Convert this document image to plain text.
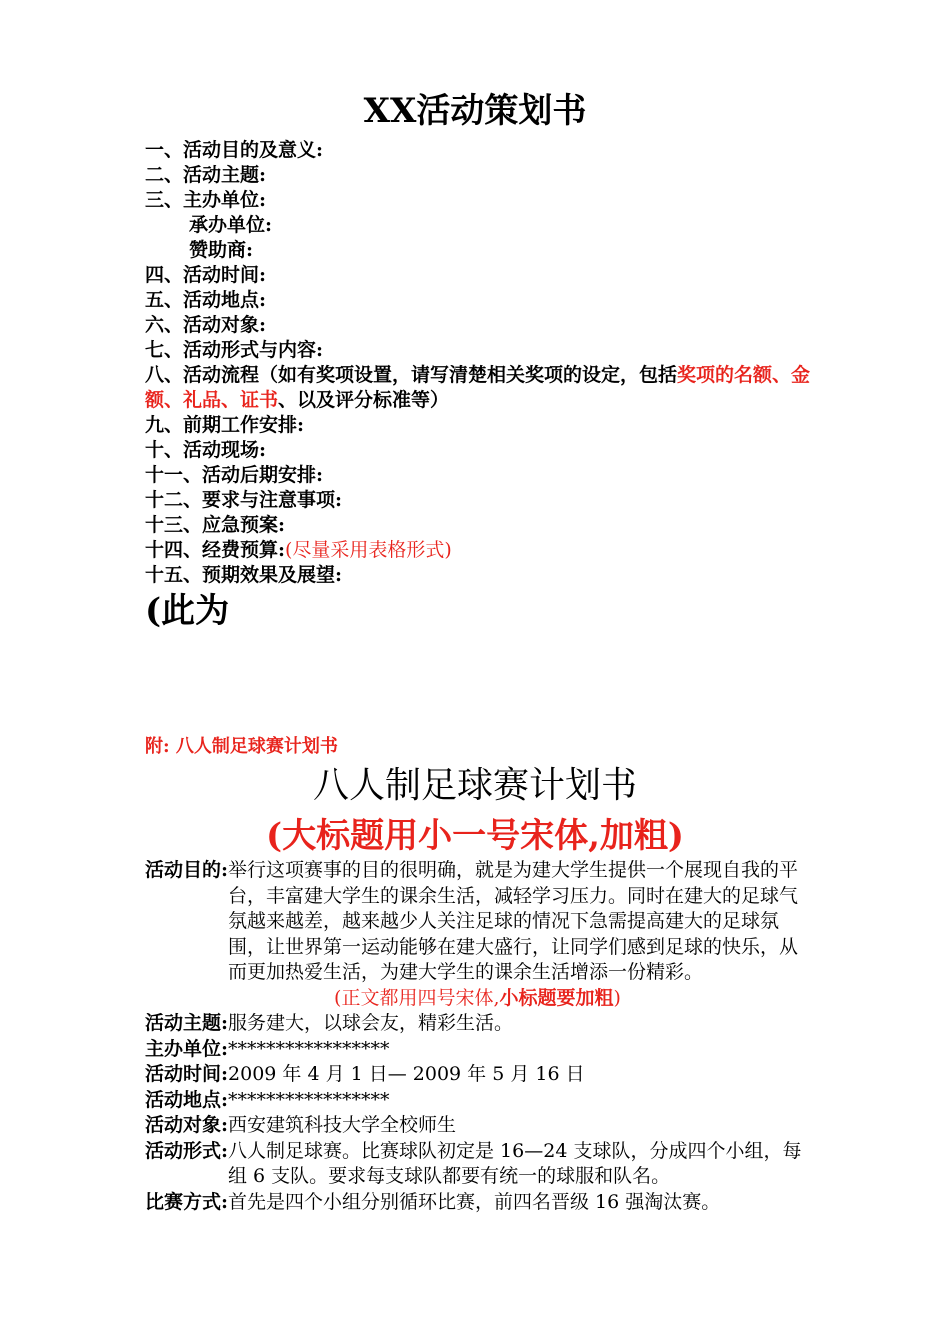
XX活动策划书
一、活动目的及意义:
二、活动主题:
三、主办单位:
承办单位:
赞助商:
四、活动时间:
五、活动地点:
六、活动对象:
七、活动形式与内容:
八、活动流程（如有奖项设置，请写清楚相关奖项的设定，包括奖项的名额、金额、礼品、证书、以及评分标准等）
九、前期工作安排:
十、活动现场:
十一、活动后期安排:
十二、要求与注意事项:
十三、应急预案:
十四、经费预算:(尽量采用表格形式)
十五、预期效果及展望:
(此为
附: 八人制足球赛计划书
八人制足球赛计划书
(大标题用小一号宋体,加粗)
活动目的: 举行这项赛事的目的很明确，就是为建大学生提供一个展现自我的平台，丰富建大学生的课余生活，减轻学习压力。同时在建大的足球气氛越来越差，越来越少人关注足球的情况下急需提高建大的足球氛围，让世界第一运动能够在建大盛行，让同学们感到足球的快乐，从而更加热爱生活，为建大学生的课余生活增添一份精彩。
(正文都用四号宋体,小标题要加粗)
活动主题: 服务建大，以球会友，精彩生活。
主办单位: *****************
活动时间: 2009 年 4 月 1 日— 2009 年 5 月 16 日
活动地点: *****************
活动对象: 西安建筑科技大学全校师生
活动形式: 八人制足球赛。比赛球队初定是 16—24 支球队，分成四个小组，每组 6 支队。要求每支球队都要有统一的球服和队名。
比赛方式: 首先是四个小组分别循环比赛，前四名晋级 16 强淘汰赛。
